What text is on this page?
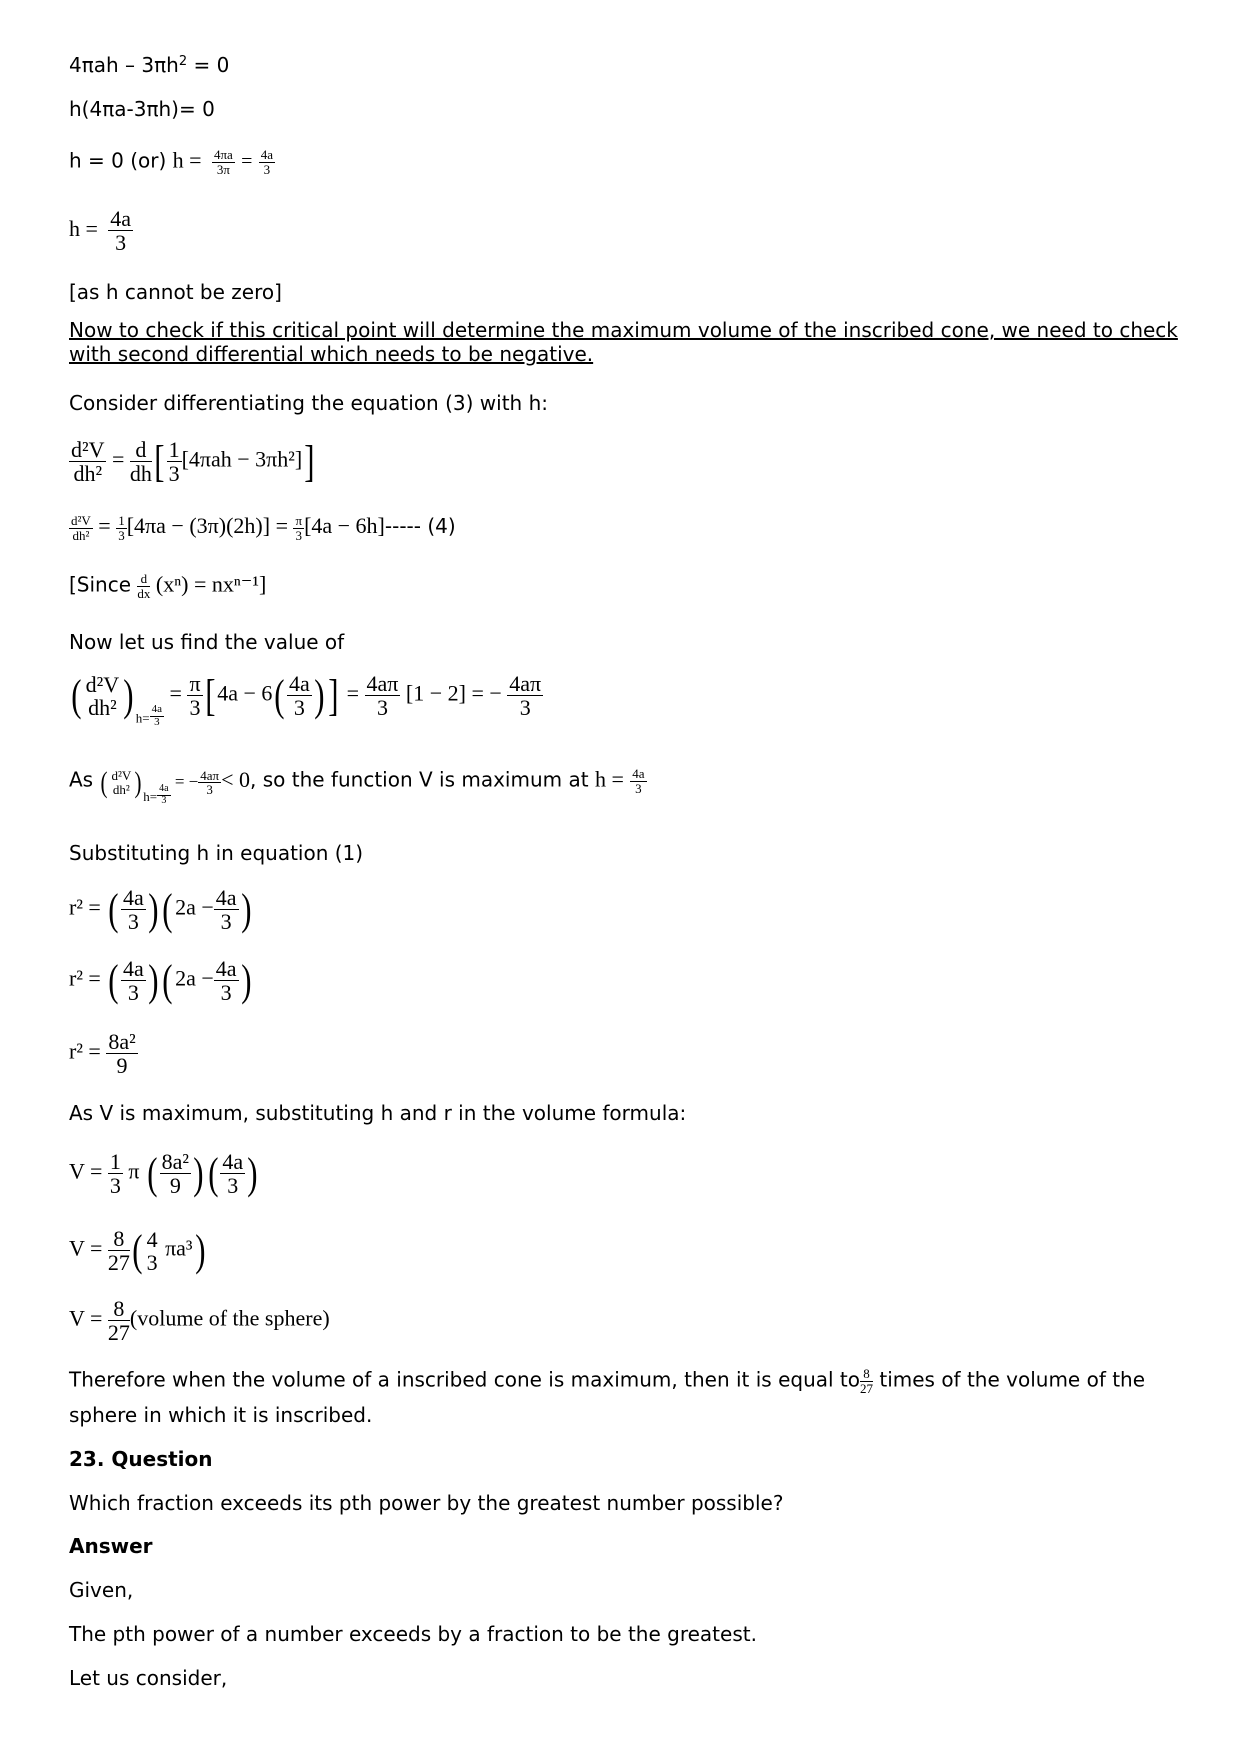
$4\pi ah - 3\pi h^2 = 0$
h(4πa-3πh)= 0
h = 0 (or) $h = \frac{4\pi a}{3\pi} = \frac{4a}{3}$
$h = \frac{4a}{3}$
[as h cannot be zero]
Now to check if this critical point will determine the maximum volume of the inscribed cone, we need to check with second differential which needs to be negative.
Consider differentiating the equation (3) with h:
$\frac{\text{d²V}}{\text{dh²}} = \frac{d}{dh}$ [ $\frac{1}{3} [4\pi ah - 3\pi h^2]$]
$\frac{\text{d²V}}{\text{dh²}} = \frac{1}{3} [4\pi a - (3\pi)(2h)] = \frac{\pi}{3} [4a - 6h]-----$ (4)
[Since $\frac{d}{dx} (x^n) = nx^{n-1}$]
Now let us find the value of
( d²V
dh² ) $_{h=} \frac{4a}{3}$
= $\frac{\pi}{3} [4a - 6( \frac{4a}{3}$ )] = $\frac{4a\pi}{3} [1 - 2]$ = − $\frac{4a\pi}{3}$
As ( d²V
dh² ) $_{h=} \frac{4a}{3}$
= − $\frac{4a\pi}{3} < 0$, so the function V is maximum at $h = \frac{4a}{3}$
Substituting h in equation (1)
r² = ( $\frac{4a}{3} )(2a - \frac{4a}{3}$ )
r² = ( $\frac{4a}{3} )(2a - \frac{4a}{3}$ )
$r^2 = \frac{\text{8a²}}{9}$
As V is maximum, substituting h and r in the volume formula:
$V = \frac{1}{3}$ π ( $\frac{\text{8a²}}{9}$ )( $\frac{4a}{3}$ )
$V = \frac{8}{27}$ ( 4
3
πa³)
$V = \frac{8}{27}$ (volume of the sphere)
Therefore when the volume of a inscribed cone is maximum, then it is equal to $\frac{8}{27}$ times of the volume of the
sphere in which it is inscribed.
23. Question
Which fraction exceeds its pth power by the greatest number possible?
Answer
Given,
The pth power of a number exceeds by a fraction to be the greatest.
Let us consider,
